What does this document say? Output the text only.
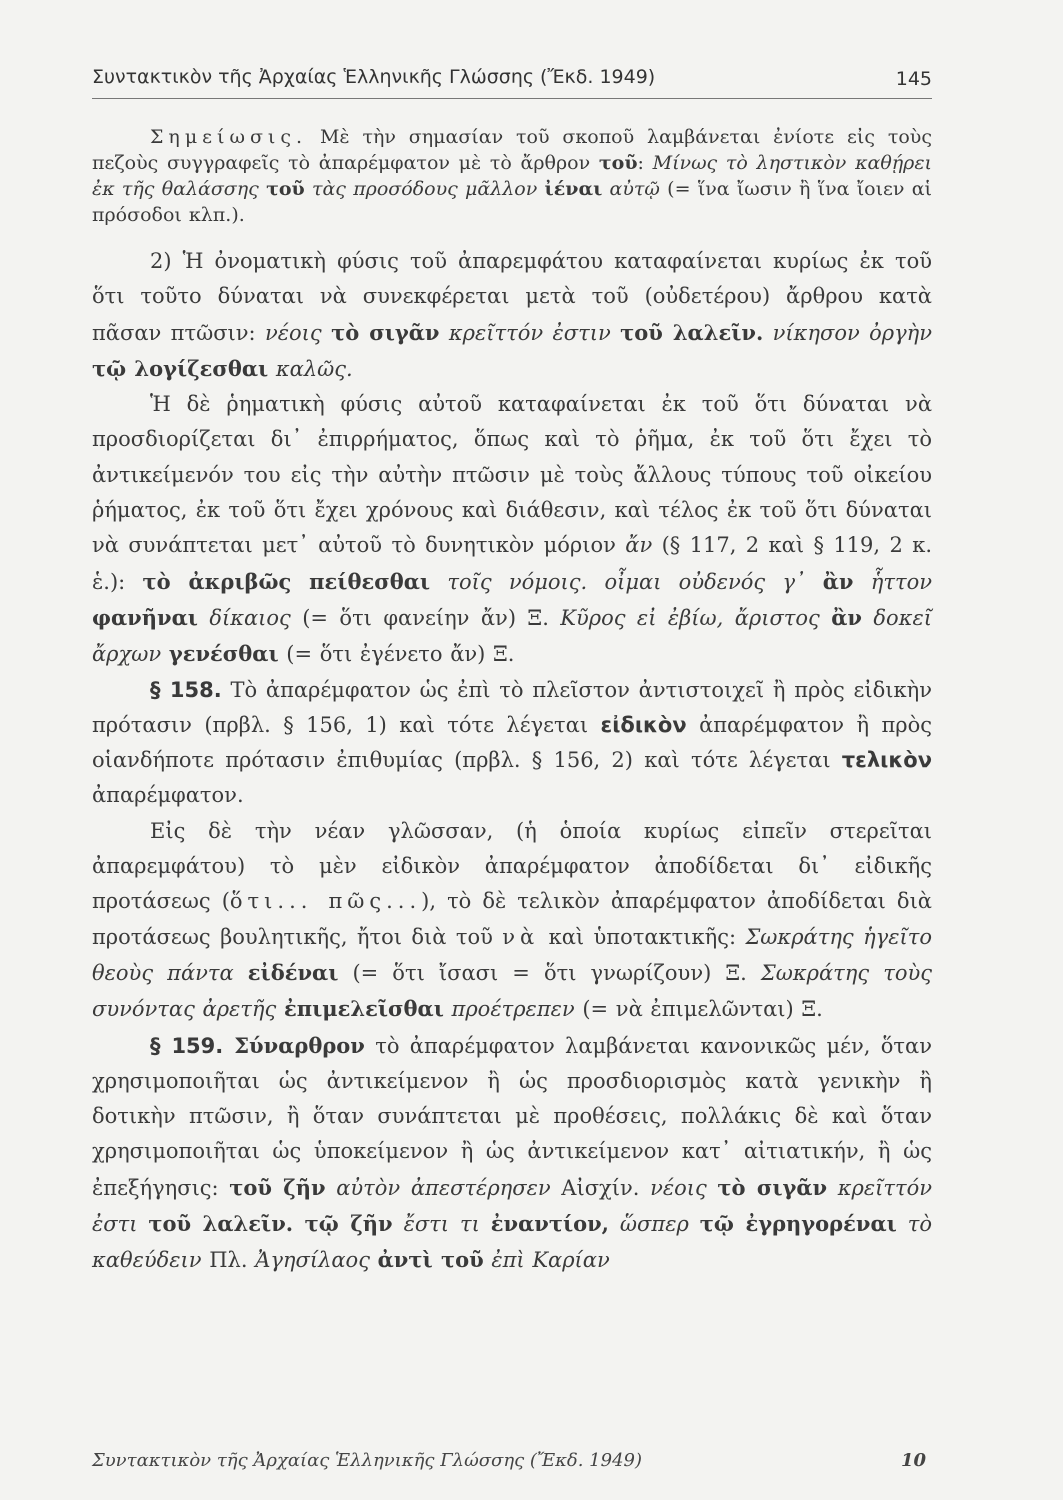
Συντακτικὸν τῆς Ἀρχαίας Ἑλληνικῆς Γλώσσης (Ἔκδ. 1949)	145

Σημείωσις. Μὲ τὴν σημασίαν τοῦ σκοποῦ λαμβάνεται ἐνίοτε εἰς τοὺς πεζοὺς συγγραφεῖς τὸ ἀπαρέμφατον μὲ τὸ ἄρθρον τοῦ: Μίνως τὸ ληστικὸν καθῄρει ἐκ τῆς θαλάσσης τοῦ τὰς προσόδους μᾶλλον ἰέναι αὐτῷ (= ἵνα ἴωσιν ἢ ἵνα ἴοιεν αἱ πρόσοδοι κλπ.).

2) Ἡ ὀνοματικὴ φύσις τοῦ ἀπαρεμφάτου καταφαίνεται κυρίως ἐκ τοῦ ὅτι τοῦτο δύναται νὰ συνεκφέρεται μετὰ τοῦ (οὐδετέρου) ἄρθρου κατὰ πᾶσαν πτῶσιν: νέοις τὸ σιγᾶν κρεῖττόν ἐστιν τοῦ λαλεῖν. νίκησον ὀργὴν τῷ λογίζεσθαι καλῶς.

Ἡ δὲ ῥηματικὴ φύσις αὐτοῦ καταφαίνεται ἐκ τοῦ ὅτι δύναται νὰ προσδιορίζεται δι᾽ ἐπιρρήματος, ὅπως καὶ τὸ ῥῆμα, ἐκ τοῦ ὅτι ἔχει τὸ ἀντικείμενόν του εἰς τὴν αὐτὴν πτῶσιν μὲ τοὺς ἄλλους τύπους τοῦ οἰκείου ῥήματος, ἐκ τοῦ ὅτι ἔχει χρόνους καὶ διάθεσιν, καὶ τέλος ἐκ τοῦ ὅτι δύναται νὰ συνάπτεται μετ᾽ αὐτοῦ τὸ δυνητικὸν μόριον ἄν (§ 117, 2 καὶ § 119, 2 κ. ἑ.): τὸ ἀκριβῶς πείθεσθαι τοῖς νόμοις. οἶμαι οὐδενός γ᾽ ἂν ἧττον φανῆναι δίκαιος (= ὅτι φανείην ἄν) Ξ. Κῦρος εἰ ἐβίω, ἄριστος ἂν δοκεῖ ἄρχων γενέσθαι (= ὅτι ἐγένετο ἄν) Ξ.

§ 158. Τὸ ἀπαρέμφατον ὡς ἐπὶ τὸ πλεῖστον ἀντιστοιχεῖ ἢ πρὸς εἰδικὴν πρότασιν (πρβλ. § 156, 1) καὶ τότε λέγεται εἰδικὸν ἀπαρέμφατον ἢ πρὸς οἱανδήποτε πρότασιν ἐπιθυμίας (πρβλ. § 156, 2) καὶ τότε λέγεται τελικὸν ἀπαρέμφατον.

Εἰς δὲ τὴν νέαν γλῶσσαν, (ἡ ὁποία κυρίως εἰπεῖν στερεῖται ἀπαρεμφάτου) τὸ μὲν εἰδικὸν ἀπαρέμφατον ἀποδίδεται δι᾽ εἰδικῆς προτάσεως (ὅτι... πῶς...), τὸ δὲ τελικὸν ἀπαρέμφατον ἀποδίδεται διὰ προτάσεως βουλητικῆς, ἤτοι διὰ τοῦ νὰ καὶ ὑποτακτικῆς: Σωκράτης ἡγεῖτο θεοὺς πάντα εἰδέναι (= ὅτι ἴσασι = ὅτι γνωρίζουν) Ξ. Σωκράτης τοὺς συνόντας ἀρετῆς ἐπιμελεῖσθαι προέτρεπεν (= νὰ ἐπιμελῶνται) Ξ.

§ 159. Σύναρθρον τὸ ἀπαρέμφατον λαμβάνεται κανονικῶς μέν, ὅταν χρησιμοποιῆται ὡς ἀντικείμενον ἢ ὡς προσδιορισμὸς κατὰ γενικὴν ἢ δοτικὴν πτῶσιν, ἢ ὅταν συνάπτεται μὲ προθέσεις, πολλάκις δὲ καὶ ὅταν χρησιμοποιῆται ὡς ὑποκείμενον ἢ ὡς ἀντικείμενον κατ᾽ αἰτιατικήν, ἢ ὡς ἐπεξήγησις: τοῦ ζῆν αὐτὸν ἀπεστέρησεν Αἰσχίν. νέοις τὸ σιγᾶν κρεῖττόν ἐστι τοῦ λαλεῖν. τῷ ζῆν ἔστι τι ἐναντίον, ὥσπερ τῷ ἐγρηγορέναι τὸ καθεύδειν Πλ. Ἀγησίλαος ἀντὶ τοῦ ἐπὶ Καρίαν

Συντακτικὸν τῆς Ἀρχαίας Ἑλληνικῆς Γλώσσης (Ἔκδ. 1949)	10
